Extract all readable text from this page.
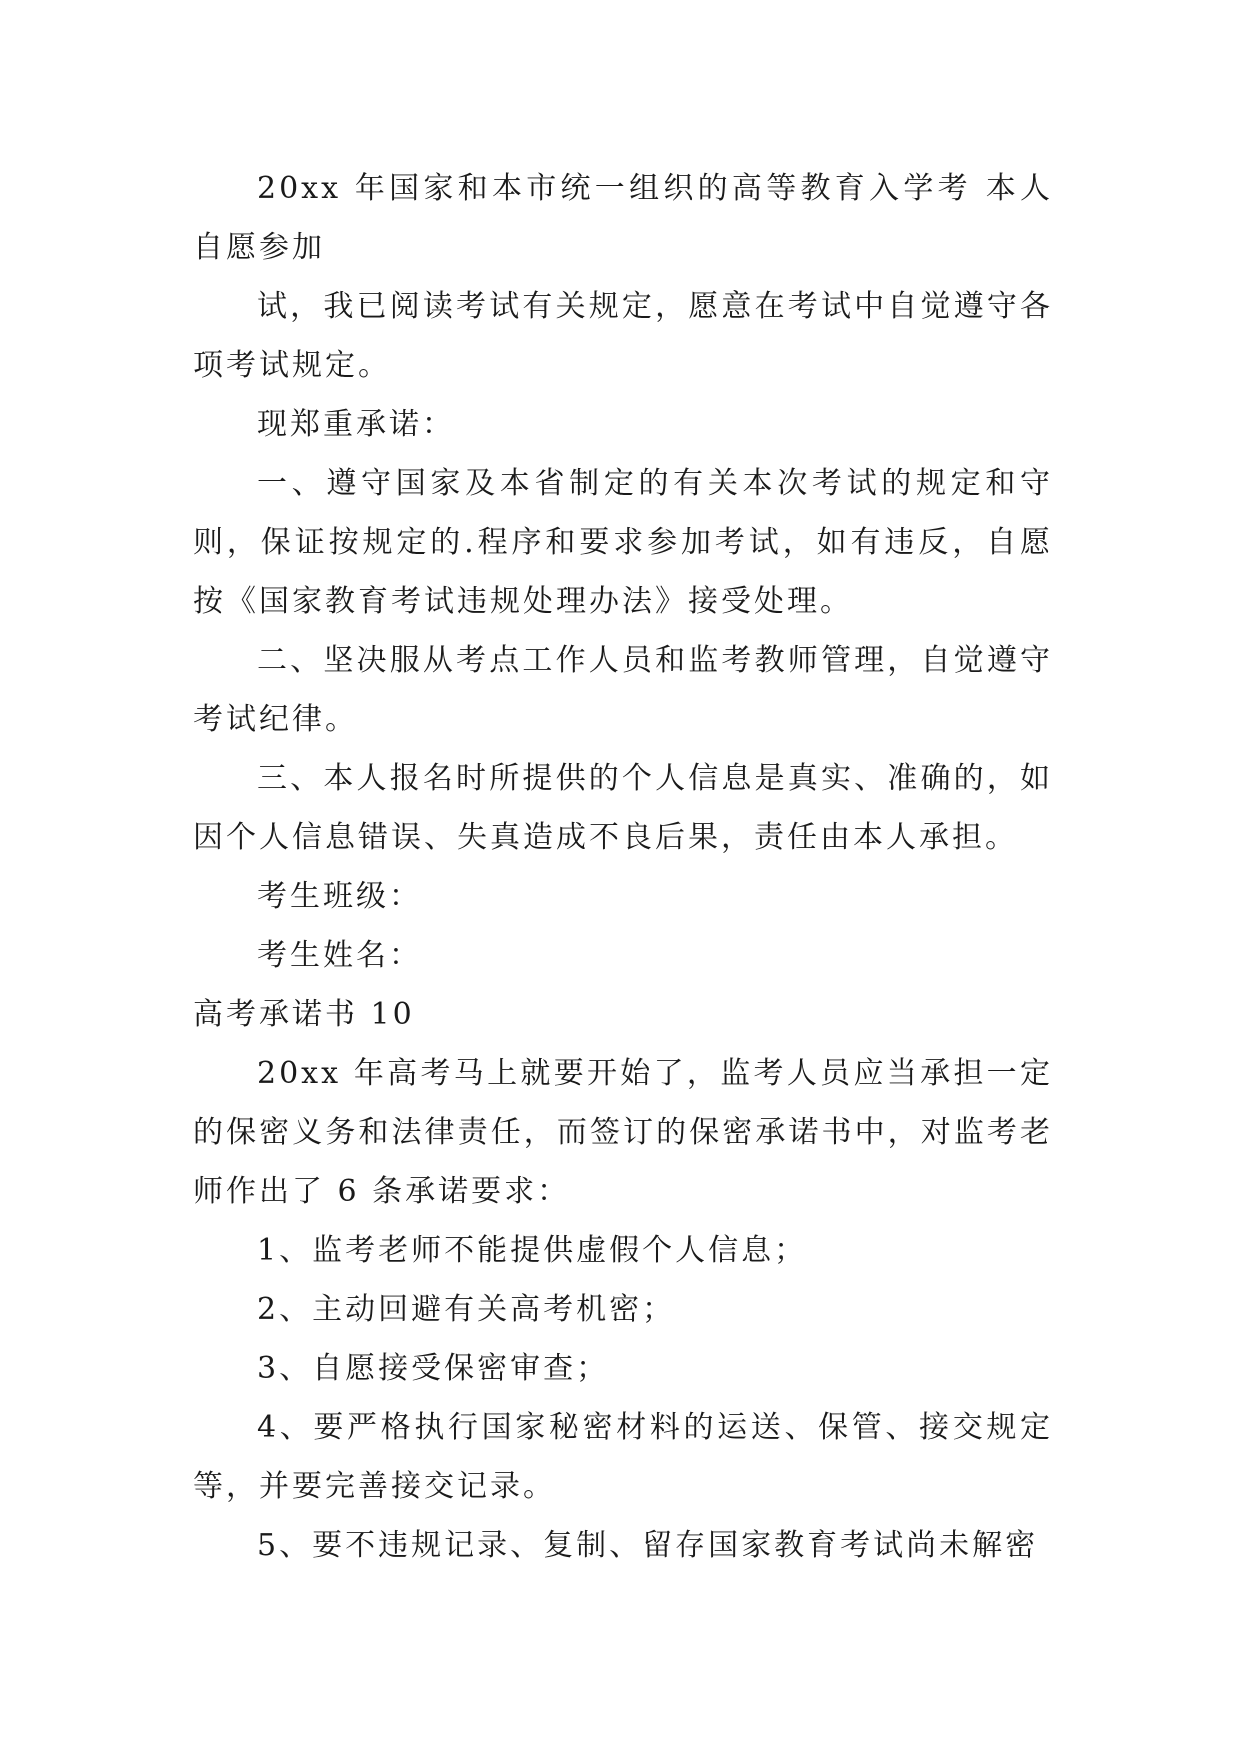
20xx 年国家和本市统一组织的高等教育入学考 本人自愿参加

试，我已阅读考试有关规定，愿意在考试中自觉遵守各项考试规定。

现郑重承诺：

一、遵守国家及本省制定的有关本次考试的规定和守则，保证按规定的.程序和要求参加考试，如有违反，自愿按《国家教育考试违规处理办法》接受处理。

二、坚决服从考点工作人员和监考教师管理，自觉遵守考试纪律。

三、本人报名时所提供的个人信息是真实、准确的，如因个人信息错误、失真造成不良后果，责任由本人承担。

考生班级：

考生姓名：

高考承诺书 10

20xx 年高考马上就要开始了，监考人员应当承担一定的保密义务和法律责任，而签订的保密承诺书中，对监考老师作出了 6 条承诺要求：

1、监考老师不能提供虚假个人信息；

2、主动回避有关高考机密；

3、自愿接受保密审查；

4、要严格执行国家秘密材料的运送、保管、接交规定等，并要完善接交记录。

5、要不违规记录、复制、留存国家教育考试尚未解密
